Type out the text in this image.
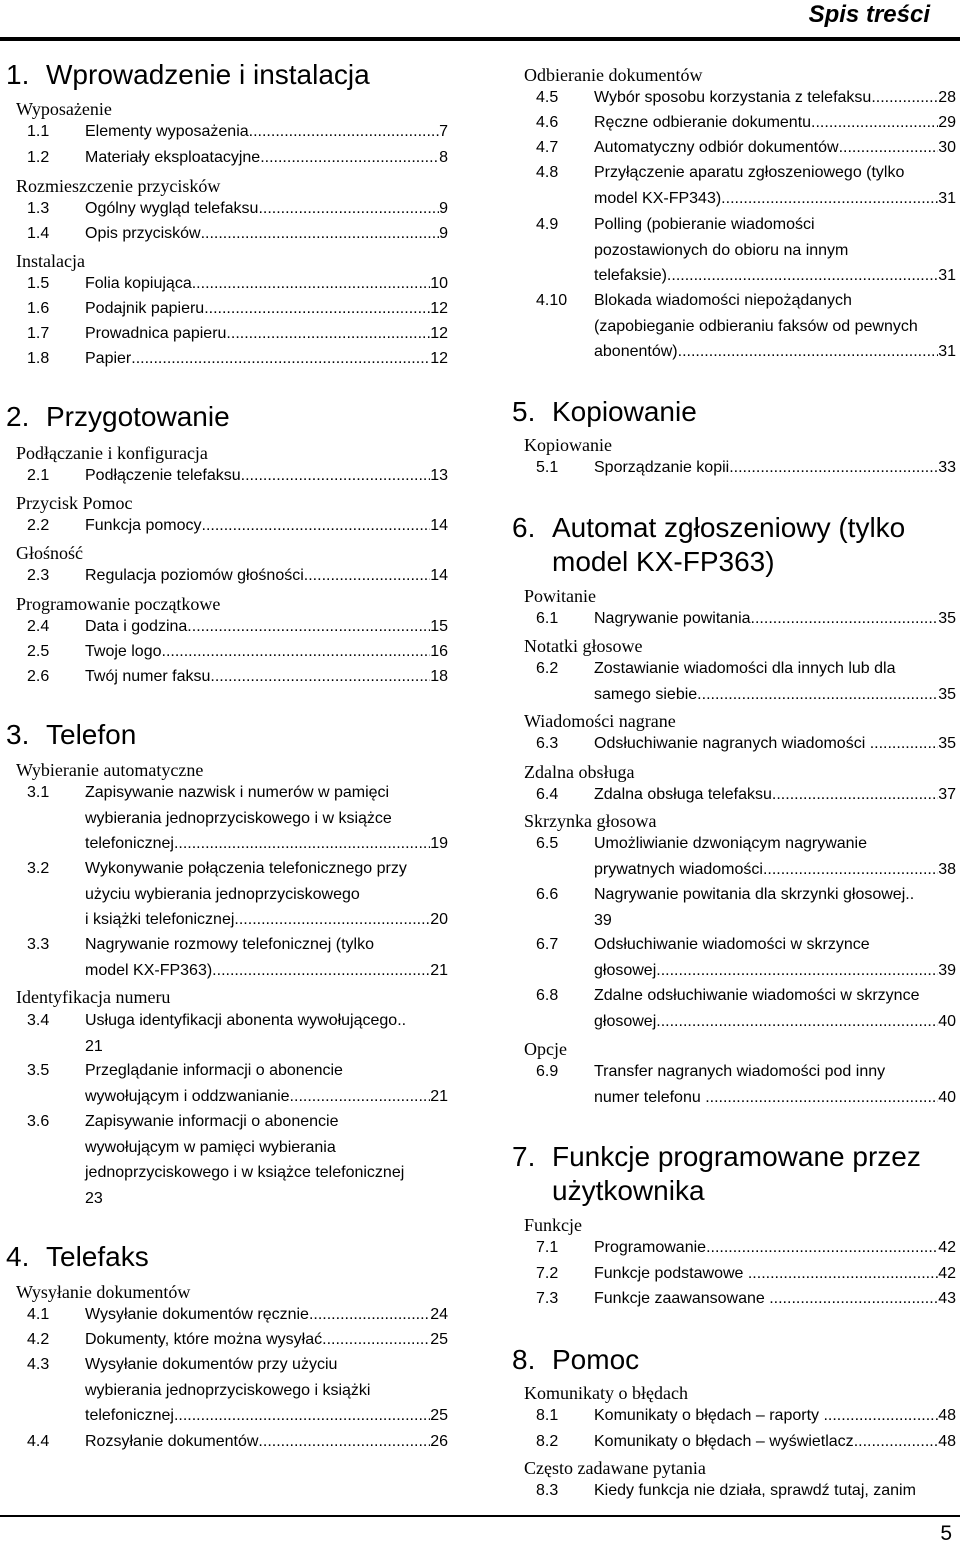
Spis treści
1. Wprowadzenie i instalacja
Wyposażenie
1.1 Elementy wyposażenia .....	7
1.2 Materiały eksploatacyjne .....	8
Rozmieszczenie przycisków
1.3 Ogólny wygląd telefaksu .....	9
1.4 Opis przycisków .....	9
Instalacja
1.5 Folia kopiująca .....	10
1.6 Podajnik papieru .....	12
1.7 Prowadnica papieru .....	12
1.8 Papier .....	12
2. Przygotowanie
Podłączanie i konfiguracja
2.1 Podłączenie telefaksu .....	13
Przycisk Pomoc
2.2 Funkcja pomocy .....	14
Głośność
2.3 Regulacja poziomów głośności .....	14
Programowanie początkowe
2.4 Data i godzina .....	15
2.5 Twoje logo .....	16
2.6 Twój numer faksu .....	18
3. Telefon
Wybieranie automatyczne
3.1 Zapisywanie nazwisk i numerów w pamięci
wybierania jednoprzyciskowego i w książce
telefonicznej .....	19
3.2 Wykonywanie połączenia telefonicznego przy
użyciu wybierania jednoprzyciskowego
i książki telefonicznej .....	20
3.3 Nagrywanie rozmowy telefonicznej (tylko
model KX-FP363) .....	21
Identyfikacja numeru
3.4 Usługa identyfikacji abonenta wywołującego ..
21
3.5 Przeglądanie informacji o abonencie
wywołującym i oddzwanianie .....	21
3.6 Zapisywanie informacji o abonencie
wywołującym w pamięci wybierania
jednoprzyciskowego i w książce telefonicznej
23
4. Telefaks
Wysyłanie dokumentów
4.1 Wysyłanie dokumentów ręcznie .....	24
4.2 Dokumenty, które można wysyłać .....	25
4.3 Wysyłanie dokumentów przy użyciu
wybierania jednoprzyciskowego i książki
telefonicznej .....	25
4.4 Rozsyłanie dokumentów .....	26
Odbieranie dokumentów
4.5 Wybór sposobu korzystania z telefaksu .....	28
4.6 Ręczne odbieranie dokumentu .....	29
4.7 Automatyczny odbiór dokumentów .....	30
4.8 Przyłączenie aparatu zgłoszeniowego (tylko
model KX-FP343) .....	31
4.9 Polling (pobieranie wiadomości
pozostawionych do obioru na innym
telefaksie) .....	31
4.10 Blokada wiadomości niepożądanych
(zapobieganie odbieraniu faksów od pewnych
abonentów) .....	31
5. Kopiowanie
Kopiowanie
5.1 Sporządzanie kopii .....	33
6. Automat zgłoszeniowy (tylko
model KX-FP363)
Powitanie
6.1 Nagrywanie powitania .....	35
Notatki głosowe
6.2 Zostawianie wiadomości dla innych lub dla
samego siebie .....	35
Wiadomości nagrane
6.3 Odsłuchiwanie nagranych wiadomości .....	35
Zdalna obsługa
6.4 Zdalna obsługa telefaksu .....	37
Skrzynka głosowa
6.5 Umożliwianie dzwoniącym nagrywanie
prywatnych wiadomości .....	38
6.6 Nagrywanie powitania dla skrzynki głosowej ..
39
6.7 Odsłuchiwanie wiadomości w skrzynce
głosowej .....	39
6.8 Zdalne odsłuchiwanie wiadomości w skrzynce
głosowej .....	40
Opcje
6.9 Transfer nagranych wiadomości pod inny
numer telefonu .....	40
7. Funkcje programowane przez
użytkownika
Funkcje
7.1 Programowanie .....	42
7.2 Funkcje podstawowe .....	42
7.3 Funkcje zaawansowane .....	43
8. Pomoc
Komunikaty o błędach
8.1 Komunikaty o błędach – raporty .....	48
8.2 Komunikaty o błędach – wyświetlacz .....	48
Często zadawane pytania
8.3 Kiedy funkcja nie działa, sprawdź tutaj, zanim
5
